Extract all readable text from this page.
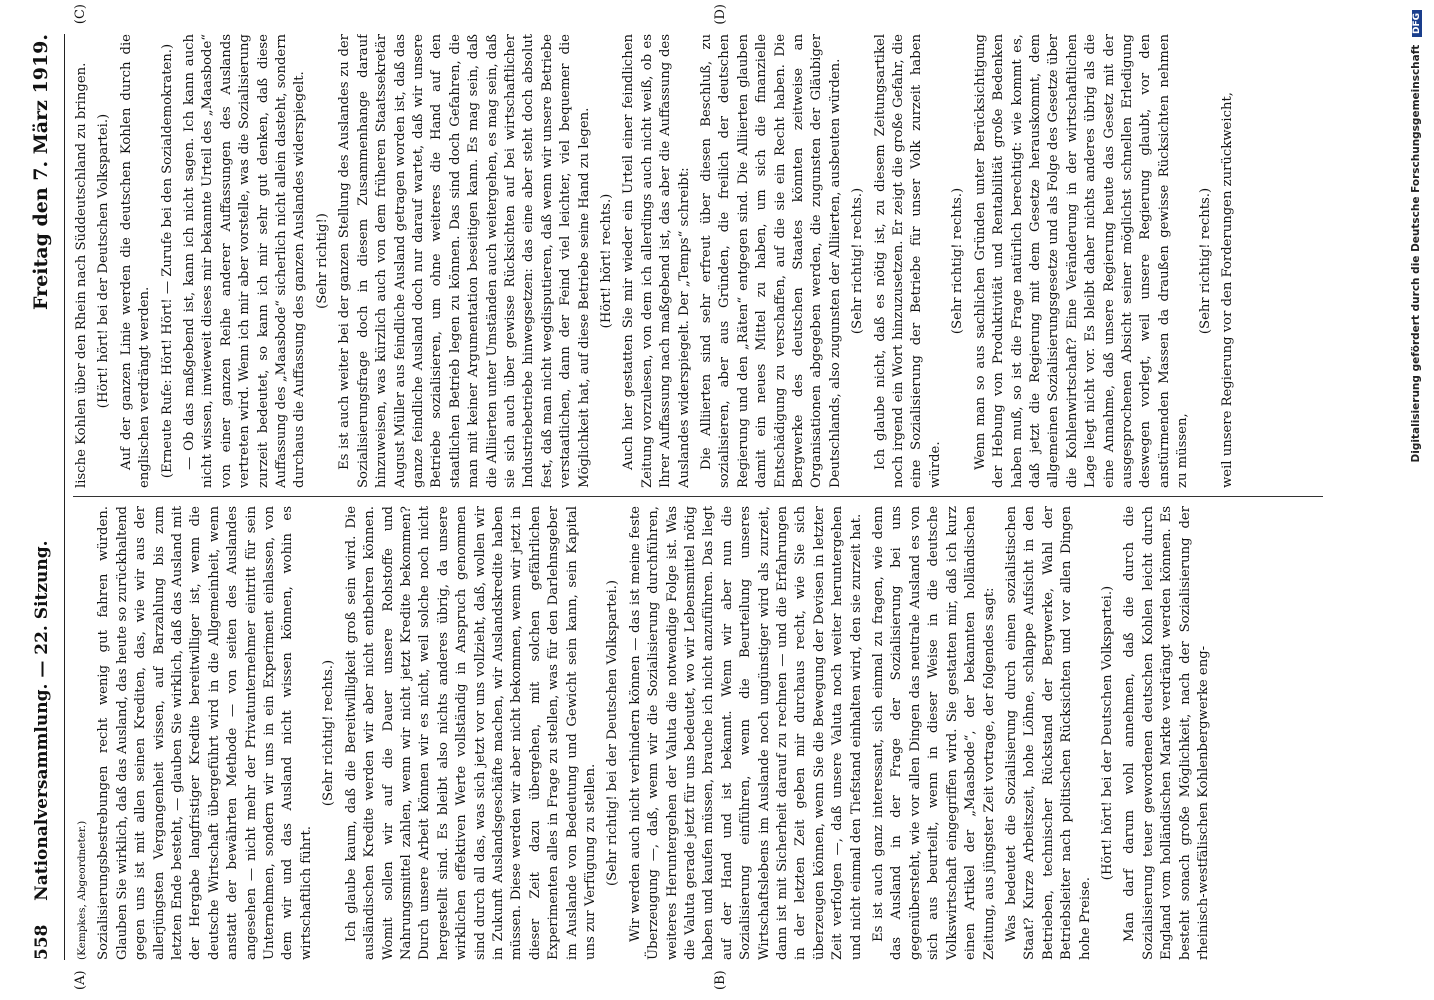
558    Nationalversammlung. — 22. Sitzung.
Freitag den 7. März 1919.

(Kempkes, Abgeordneter.) Sozialisierungsbestrebungen recht wenig gut fahren würden. Glauben Sie wirklich, daß das Ausland, das heute so zurückhaltend gegen uns ist mit allen seinen Krediten, das, wie wir aus der allerjüngsten Vergangenheit wissen, auf Barzahlung bis zum letzten Ende besteht, — glauben Sie wirklich, daß das Ausland mit der Hergabe langfristiger Kredite bereitwilliger ist, wenn die deutsche Wirtschaft übergeführt wird in die Allgemeinheit, wenn anstatt der bewährten Methode — von seiten des Auslandes angesehen — nicht mehr der Privatunternehmer eintritt für sein Unternehmen, sondern wir uns in ein Experiment einlassen, von dem wir und das Ausland nicht wissen können, wohin es wirtschaftlich führt.

(Sehr richtig! rechts.) Ich glaube kaum, daß die Bereitwilligkeit groß sein wird. Die ausländischen Kredite werden wir aber nicht entbehren können. Womit sollen wir auf die Dauer unsere Rohstoffe und Nahrungsmittel zahlen, wenn wir nicht jetzt Kredite bekommen? Durch unsere Arbeit können wir es nicht, weil solche noch nicht hergestellt sind. Es bleibt also nichts anderes übrig, da unsere wirklichen effektiven Werte vollständig in Anspruch genommen sind durch all das, was sich jetzt vor uns vollzieht, daß, wollen wir in Zukunft Auslandsgeschäfte machen, wir Auslandskredite haben müssen. Diese werden wir aber nicht bekommen, wenn wir jetzt in dieser Zeit dazu übergehen, mit solchen gefährlichen Experimenten alles in Frage zu stellen, was für den Darlehnsgeber im Auslande von Bedeutung und Gewicht sein kann, sein Kapital uns zur Verfügung zu stellen. (Sehr richtig! bei der Deutschen Volkspartei.) Wir werden auch nicht verhindern können — das ist meine feste Überzeugung —, daß, wenn wir die Sozialisierung durchführen, weiteres Heruntergehen der Valuta die notwendige Folge ist. Was die Valuta gerade jetzt für uns bedeutet, wo wir Lebensmittel nötig haben und kaufen müssen, brauche ich nicht anzuführen. Das liegt auf der Hand und ist bekannt. Wenn wir aber nun die Sozialisierung einführen, wenn die Beurteilung unseres Wirtschaftslebens im Auslande noch ungünstiger wird als zurzeit, dann ist mit Sicherheit darauf zu rechnen — und die Erfahrungen in der letzten Zeit geben mir durchaus recht, wie Sie sich überzeugen können, wenn Sie die Bewegung der Devisen in letzter Zeit verfolgen —, daß unsere Valuta noch weiter heruntergehen und nicht einmal den Tiefstand einhalten wird, den sie zurzeit hat. Es ist auch ganz interessant, sich einmal zu fragen, wie denn das Ausland in der Frage der Sozialisierung bei uns gegenübersteht, wie vor allen Dingen das neutrale Ausland es von sich aus beurteilt, wenn in dieser Weise in die deutsche Volkswirtschaft eingegriffen wird. Sie gestatten mir, daß ich kurz einen Artikel der „Maasbode“, der bekannten holländischen Zeitung, aus jüngster Zeit vortrage, der folgendes sagt: Was bedeutet die Sozialisierung durch einen sozialistischen Staat? Kurze Arbeitszeit, hohe Löhne, schlappe Aufsicht in den Betrieben, technischer Rückstand der Bergwerke, Wahl der Betriebsleiter nach politischen Rücksichten und vor allen Dingen hohe Preise.

(Hört! hört! bei der Deutschen Volkspartei.) Man darf darum wohl annehmen, daß die durch die Sozialisierung teuer gewordenen deutschen Kohlen leicht durch England vom holländischen Markte verdrängt werden können. Es besteht sonach große Möglichkeit, nach der Sozialisierung der rheinisch-westfälischen Kohlenbergwerke eng-

lische Kohlen über den Rhein nach Süddeutschland zu bringen. (Hört! hört! bei der Deutschen Volkspartei.) Auf der ganzen Linie werden die deutschen Kohlen durch die englischen verdrängt werden. (Erneute Rufe: Hört! Hört! — Zurufe bei den Sozialdemokraten.) — Ob das maßgebend ist, kann ich nicht sagen. Ich kann auch nicht wissen, inwieweit dieses mir bekannte Urteil des „Maasbode“ von einer ganzen Reihe anderer Auffassungen des Auslands vertreten wird. Wenn ich mir aber vorstelle, was die Sozialisierung zurzeit bedeutet, so kann ich mir sehr gut denken, daß diese Auffassung des „Maasbode“ sicherlich nicht allein dasteht, sondern durchaus die Auffassung des ganzen Auslandes widerspiegelt. (Sehr richtig!) Es ist auch weiter bei der ganzen Stellung des Auslandes zu der Sozialisierungsfrage doch in diesem Zusammenhange darauf hinzuweisen, was kürzlich auch von dem früheren Staatssekretär August Müller aus feindliche Ausland getragen worden ist, daß das ganze feindliche Ausland doch nur darauf wartet, daß wir unsere Betriebe sozialisieren, um ohne weiteres die Hand auf den staatlichen Betrieb legen zu können. Das sind doch Gefahren, die man mit keiner Argumentation beseitigen kann. Es mag sein, daß die Alliierten unter Umständen auch weitergehen, es mag sein, daß sie sich auch über gewisse Rücksichten auf bei wirtschaftlicher Industriebetriebe hinwegsetzen: das eine aber steht doch absolut fest, daß man nicht wegdisputieren, daß wenn wir unsere Betriebe verstaatlichen, dann der Feind viel leichter, viel bequemer die Möglichkeit hat, auf diese Betriebe seine Hand zu legen. (Hört! hört! rechts.) Auch hier gestatten Sie mir wieder ein Urteil einer feindlichen Zeitung vorzulesen, von dem ich allerdings auch nicht weiß, ob es Ihrer Auffassung nach maßgebend ist, das aber die Auffassung des Auslandes widerspiegelt. Der „Temps“ schreibt: Die Alliierten sind sehr erfreut über diesen Beschluß, zu sozialisieren, aber aus Gründen, die freilich der deutschen Regierung und den „Räten“ entgegen sind. Die Alliierten glauben damit ein neues Mittel zu haben, um sich die finanzielle Entschädigung zu verschaffen, auf die sie ein Recht haben. Die Bergwerke des deutschen Staates könnten zeitweise an Organisationen abgegeben werden, die zugunsten der Gläubiger Deutschlands, also zugunsten der Alliierten, ausbeuten würden. (Sehr richtig! rechts.) Ich glaube nicht, daß es nötig ist, zu diesem Zeitungsartikel noch irgend ein Wort hinzuzusetzen. Er zeigt die große Gefahr, die eine Sozialisierung der Betriebe für unser Volk zurzeit haben würde.

(Sehr richtig! rechts.) Wenn man so aus sachlichen Gründen unter Berücksichtigung der Hebung von Produktivität und Rentabilität große Bedenken haben muß, so ist die Frage natürlich berechtigt: wie kommt es, daß jetzt die Regierung mit dem Gesetze herauskommt, dem allgemeinen Sozialisierungsgesetze und als Folge des Gesetze über die Kohlenwirtschaft? Eine Veränderung in der wirtschaftlichen Lage liegt nicht vor. Es bleibt daher nichts anderes übrig als die eine Annahme, daß unsere Regierung heute das Gesetz mit der ausgesprochenen Absicht seiner möglichst schnellen Erledigung deswegen vorlegt, weil unsere Regierung glaubt, vor den anstürmenden Massen da draußen gewisse Rücksichten nehmen zu müssen,

(Sehr richtig! rechts.) weil unsere Regierung vor den Forderungen zurückweicht,

(A)	(B)
(C)	(D)
Digitalisierung gefördert durch die Deutsche Forschungsgemeinschaft DFG
